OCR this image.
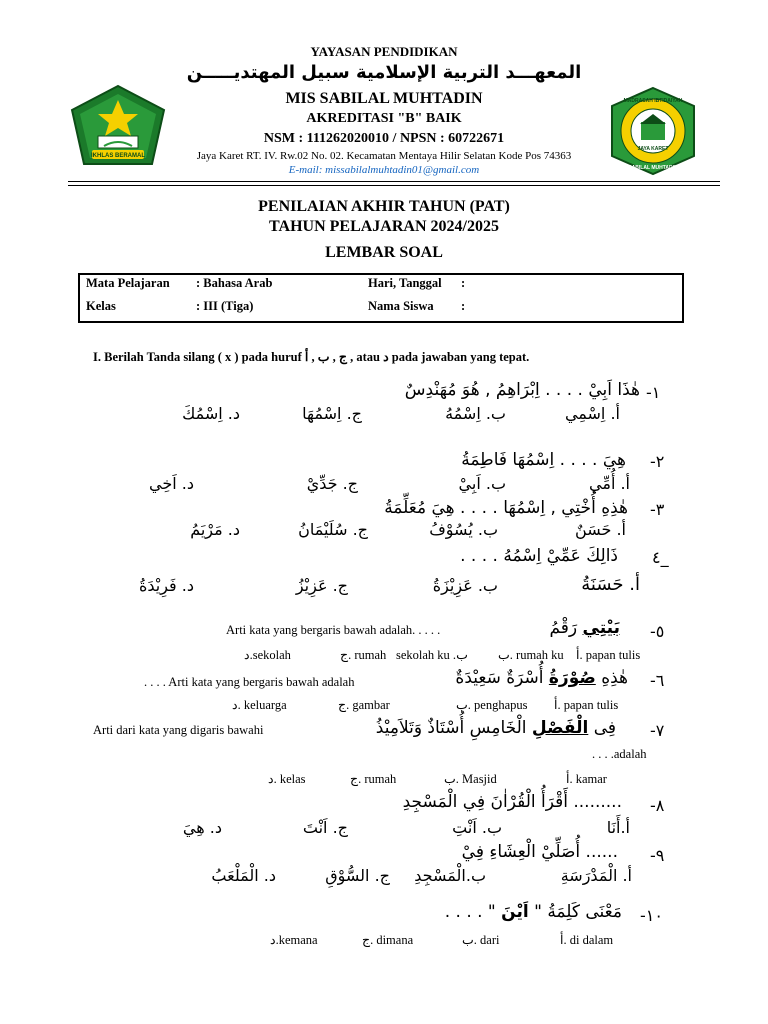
YAYASAN PENDIDIKAN
المعهـــد التربية الإسلامية سبيل المهتديـــــن
MIS SABILAL MUHTADIN
AKREDITASI "B" BAIK
NSM : 111262020010 / NPSN : 60722671
Jaya Karet RT. IV. Rw.02 No. 02. Kecamatan Mentaya Hilir Selatan Kode Pos 74363
E-mail: missabilalmuhtadin01@gmail.com
IKHLAS BERAMAL
MADRASAH IBTIDAIYAH
JAYA KARET
SABILAL MUHTADIN
PENILAIAN AKHIR TAHUN (PAT)
TAHUN PELAJARAN 2024/2025
LEMBAR SOAL
Mata Pelajaran : Bahasa Arab	Hari, Tanggal :
Kelas	: III (Tiga)	Nama Siswa :
I. Berilah Tanda silang ( x ) pada huruf ج , ب , أ , atau د pada jawaban yang tepat.
-١
هٰذَا اَبِيْ . . . . اِبْرَاهِمُ , هُوَ مُهَنْدِسٌ
أ. اِسْمِي
ب. اِسْمُهُ
ج. اِسْمُهَا
د. اِسْمُكَ
-٢
هِيَ . . . . اِسْمُهَا فَاطِمَةُ
أ. أُمِّي
ب. اَبِيْ
ج. جَدِّيْ
د. اَخِي
-٣
هٰذِهِ أُخْتِي , اِسْمُهَا . . . . هِيَ مُعَلِّمَةُ
أ. حَسَنٌ
ب. يُسُوْفُ
ج. سُلَيْمَانُ
د. مَرْيَمُ
٤_
ذَالِكَ عَمِّيْ اِسْمُهُ . . . .
أ. حَسَنَةُ
ب. عَزِيْزَةُ
ج. عَزِيْزُ
د. فَرِيْدَةُ
-٥
بَيْتِي رَقْمُ
Arti kata yang bergaris bawah adalah. . . . .
أ. papan tulis
ب. rumah ku
sekolah ku .ب
ج. rumah
د.sekolah
-٦
هٰذِهِ صُوْرَةُ أُسْرَةٌ سَعِيْدَةٌ
. . . . Arti kata yang bergaris bawah adalah
أ. papan tulis
ب. penghapus
ج. gambar
د. keluarga
-٧
فِى الْفَصْلِ الْخَامِسِ أُسْتَاذٌ وَتَلاَمِيْذُ
Arti dari kata yang digaris bawahi
. . . .adalah
أ. kamar
ب. Masjid
ج. rumah
د. kelas
-٨
......... أَقْرَأُ الْقُرْاٰنَ فِي الْمَسْجِدِ
أ.أَنَا
ب. اَنْتِ
ج. اَنْتَ
د. هِيَ
-٩
...... أُصَلِّيْ الْعِشَاءِ فِيْ
أ. الْمَدْرَسَةِ
ب.الْمَسْجِدِ
ج. السُّوْقِ
د. الْمَلْعَبُ
-١٠
مَعْنَى كَلِمَةُ " اَيْنَ " . . . .
أ. di dalam
ب. dari
ج. dimana
د.kemana
